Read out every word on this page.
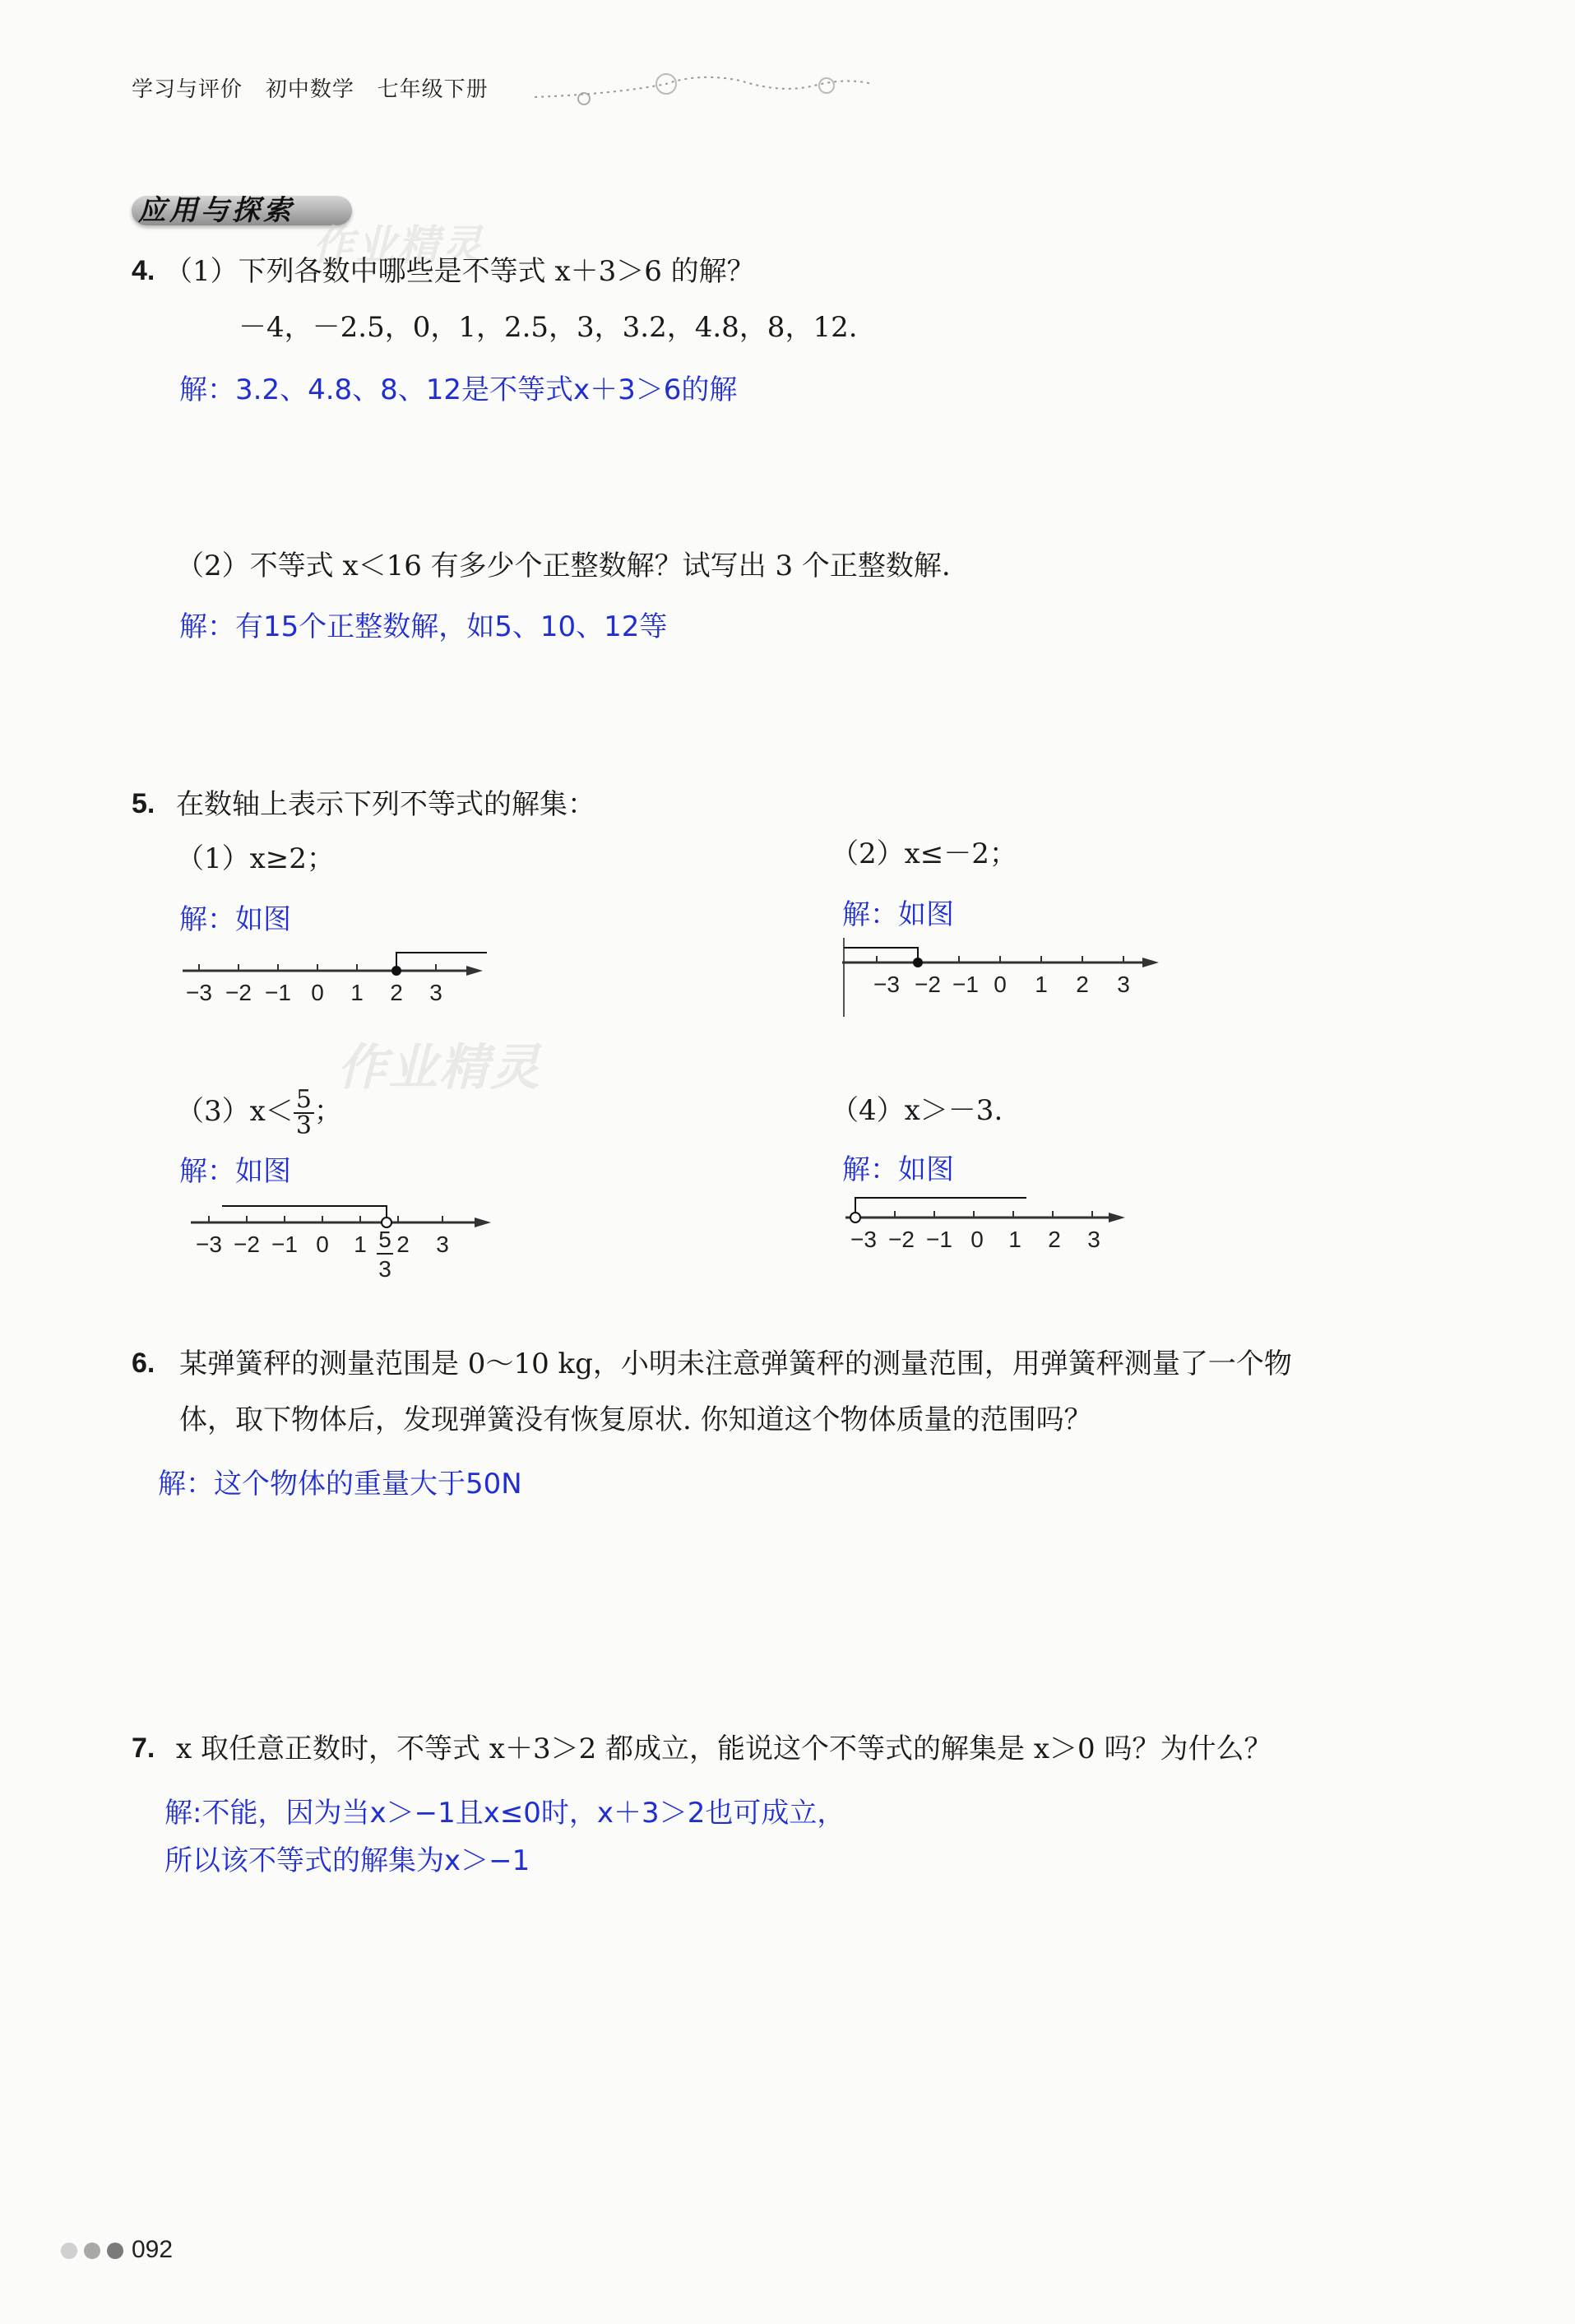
学习与评价 初中数学 七年级下册
应用与探索
作业精灵
4. （1）下列各数中哪些是不等式 x＋3＞6 的解？
－4，－2.5，0，1，2.5，3，3.2，4.8，8，12.
解：3.2、4.8、8、12是不等式x＋3＞6的解
（2）不等式 x＜16 有多少个正整数解？试写出 3 个正整数解.
解：有15个正整数解，如5、10、12等
5. 在数轴上表示下列不等式的解集：
（1）x≥2；
解：如图
−3 −2 −1 0 1 2 3
（2）x≤－2；
解：如图
−3 −2 −1 0 1 2 3
作业精灵
$(3)x< \frac{5}{3}$ ；
解：如图
−3 −2 −1 0 1 5
3
2 3
（4）x＞－3.
解：如图
−3 −2 −1 0 1 2 3
6. 某弹簧秤的测量范围是 0～10 kg，小明未注意弹簧秤的测量范围，用弹簧秤测量了一个物
体，取下物体后，发现弹簧没有恢复原状. 你知道这个物体质量的范围吗？
解：这个物体的重量大于50N
7. x 取任意正数时，不等式 x＋3＞2 都成立，能说这个不等式的解集是 x＞0 吗？为什么？
解:不能，因为当x＞−1且x≤0时，x＋3＞2也可成立，
所以该不等式的解集为x＞−1
092
